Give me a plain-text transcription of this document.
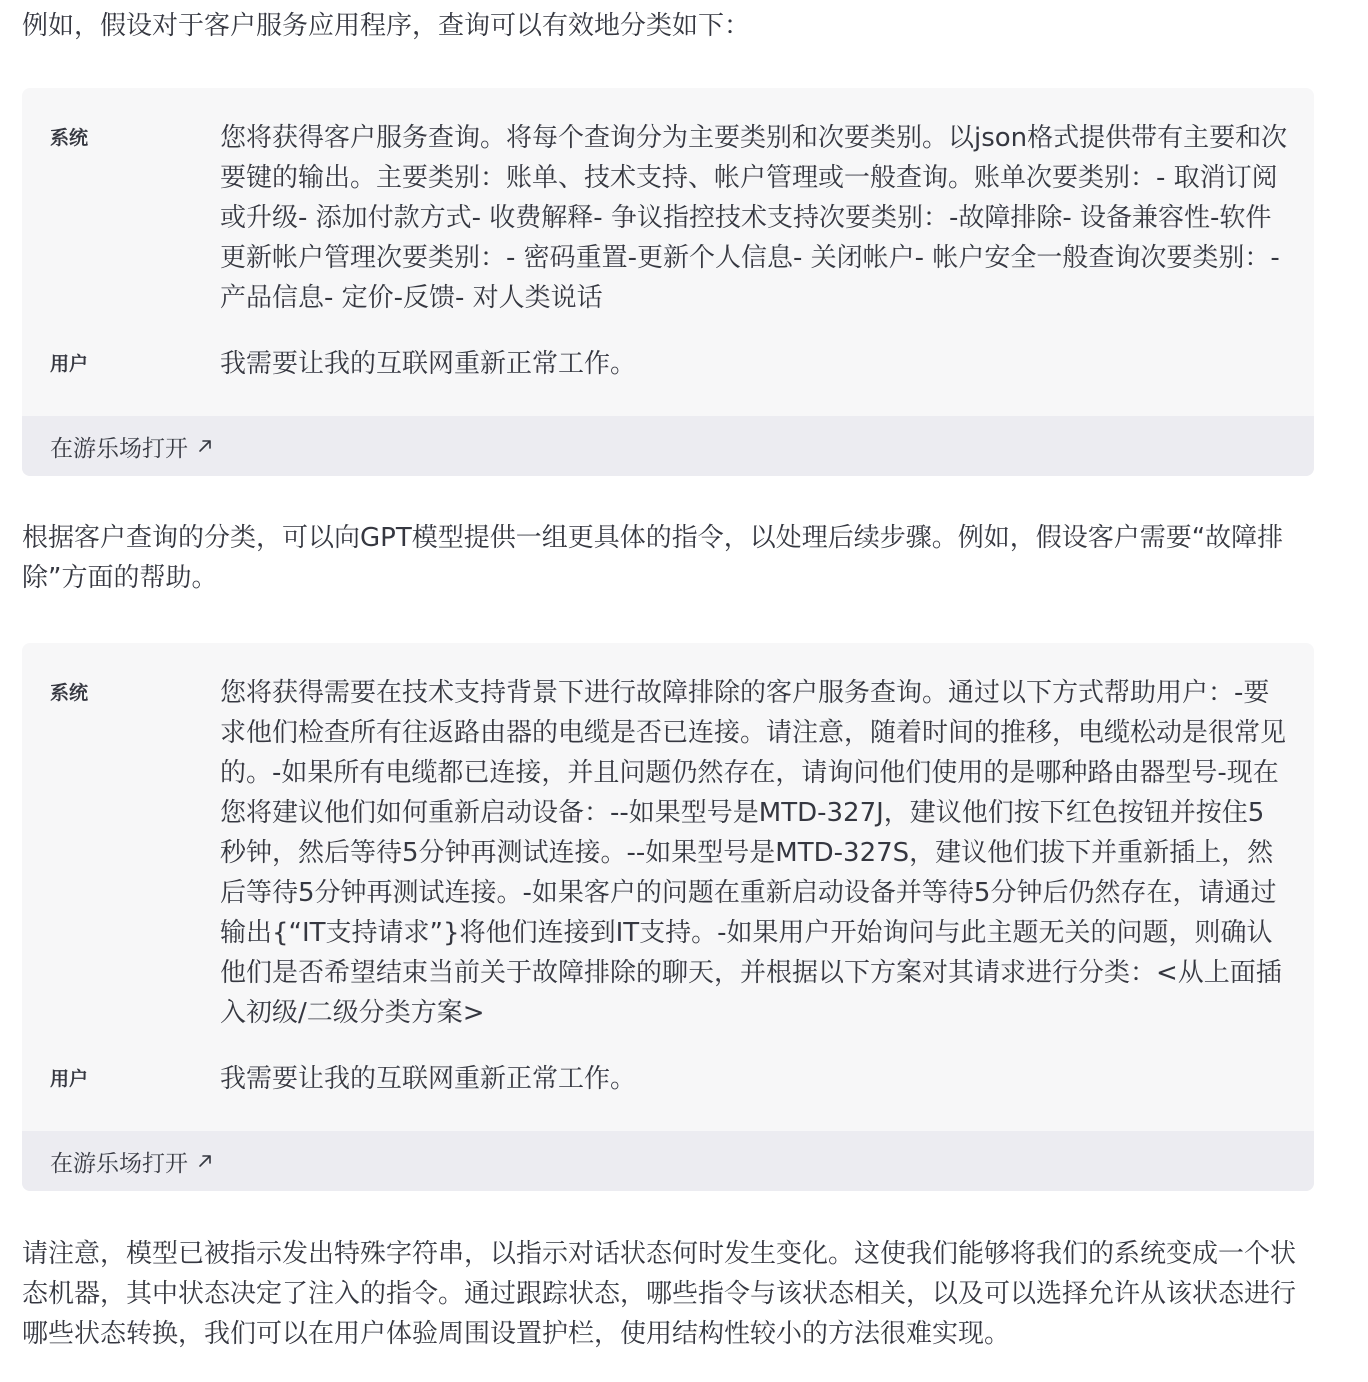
例如，假设对于客户服务应用程序，查询可以有效地分类如下：

系统	您将获得客户服务查询。将每个查询分为主要类别和次要类别。以json格式提供带有主要和次要键的输出。主要类别：账单、技术支持、帐户管理或一般查询。账单次要类别：- 取消订阅或升级- 添加付款方式- 收费解释- 争议指控技术支持次要类别：-故障排除- 设备兼容性-软件更新帐户管理次要类别：- 密码重置-更新个人信息- 关闭帐户- 帐户安全一般查询次要类别：-产品信息- 定价-反馈- 对人类说话

用户	我需要让我的互联网重新正常工作。

在游乐场打开

根据客户查询的分类，可以向GPT模型提供一组更具体的指令，以处理后续步骤。例如，假设客户需要“故障排除”方面的帮助。

系统	您将获得需要在技术支持背景下进行故障排除的客户服务查询。通过以下方式帮助用户：-要求他们检查所有往返路由器的电缆是否已连接。请注意，随着时间的推移，电缆松动是很常见的。-如果所有电缆都已连接，并且问题仍然存在，请询问他们使用的是哪种路由器型号-现在您将建议他们如何重新启动设备：--如果型号是MTD-327J，建议他们按下红色按钮并按住5秒钟，然后等待5分钟再测试连接。--如果型号是MTD-327S，建议他们拔下并重新插上，然后等待5分钟再测试连接。-如果客户的问题在重新启动设备并等待5分钟后仍然存在，请通过输出{“IT支持请求”}将他们连接到IT支持。-如果用户开始询问与此主题无关的问题，则确认他们是否希望结束当前关于故障排除的聊天，并根据以下方案对其请求进行分类：<从上面插入初级/二级分类方案>

用户	我需要让我的互联网重新正常工作。

在游乐场打开

请注意，模型已被指示发出特殊字符串，以指示对话状态何时发生变化。这使我们能够将我们的系统变成一个状态机器，其中状态决定了注入的指令。通过跟踪状态，哪些指令与该状态相关，以及可以选择允许从该状态进行哪些状态转换，我们可以在用户体验周围设置护栏，使用结构性较小的方法很难实现。
